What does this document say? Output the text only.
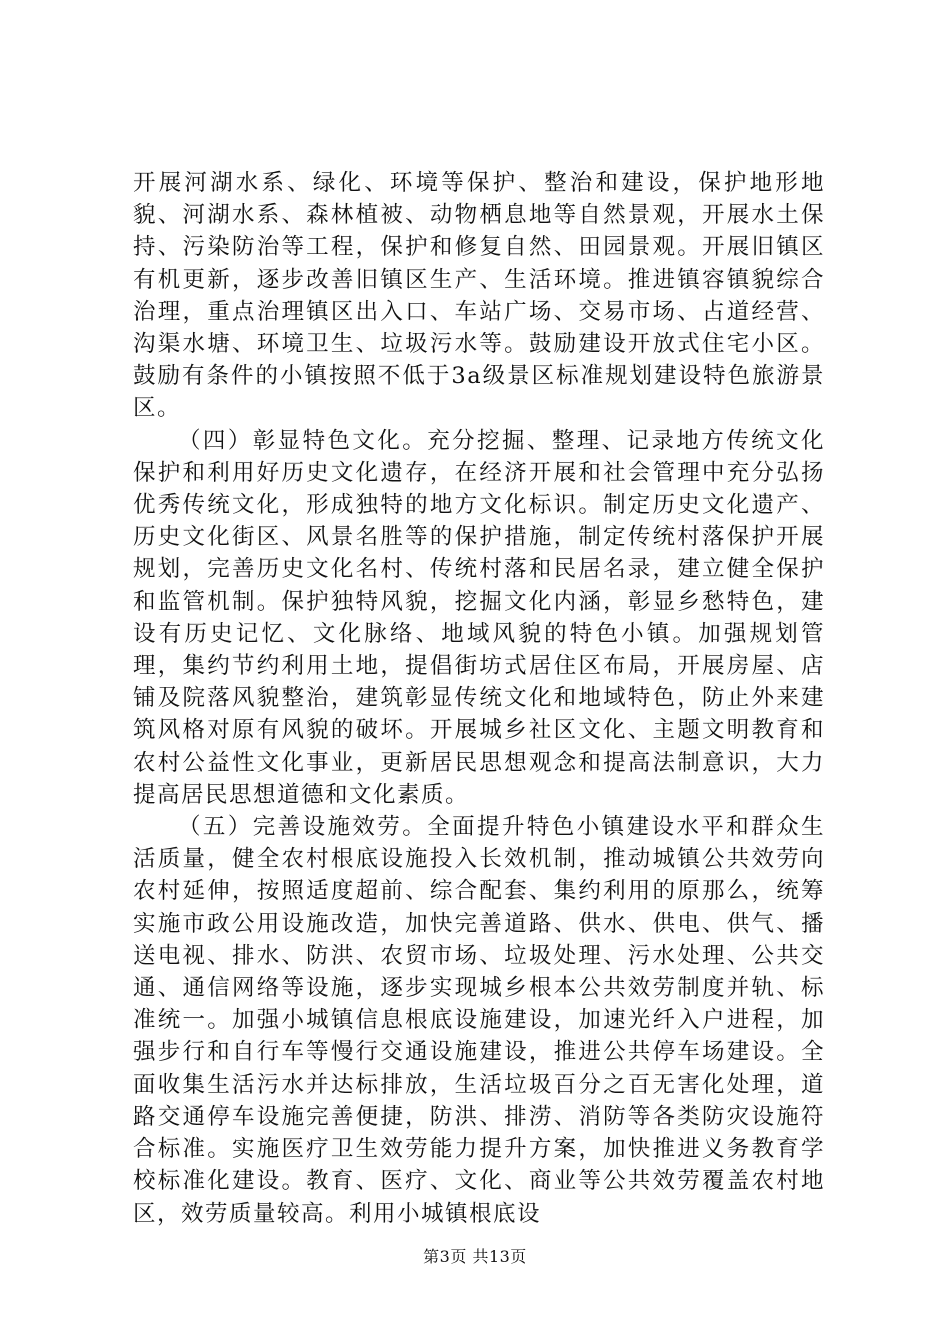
开展河湖水系、绿化、环境等保护、整治和建设，保护地形地貌、河湖水系、森林植被、动物栖息地等自然景观，开展水土保持、污染防治等工程，保护和修复自然、田园景观。开展旧镇区有机更新，逐步改善旧镇区生产、生活环境。推进镇容镇貌综合治理，重点治理镇区出入口、车站广场、交易市场、占道经营、沟渠水塘、环境卫生、垃圾污水等。鼓励建设开放式住宅小区。鼓励有条件的小镇按照不低于3a级景区标准规划建设特色旅游景区。

（四）彰显特色文化。充分挖掘、整理、记录地方传统文化保护和利用好历史文化遗存，在经济开展和社会管理中充分弘扬优秀传统文化，形成独特的地方文化标识。制定历史文化遗产、历史文化街区、风景名胜等的保护措施，制定传统村落保护开展规划，完善历史文化名村、传统村落和民居名录，建立健全保护和监管机制。保护独特风貌，挖掘文化内涵，彰显乡愁特色，建设有历史记忆、文化脉络、地域风貌的特色小镇。加强规划管理，集约节约利用土地，提倡街坊式居住区布局，开展房屋、店铺及院落风貌整治，建筑彰显传统文化和地域特色，防止外来建筑风格对原有风貌的破坏。开展城乡社区文化、主题文明教育和农村公益性文化事业，更新居民思想观念和提高法制意识，大力提高居民思想道德和文化素质。

（五）完善设施效劳。全面提升特色小镇建设水平和群众生活质量，健全农村根底设施投入长效机制，推动城镇公共效劳向农村延伸，按照适度超前、综合配套、集约利用的原那么，统筹实施市政公用设施改造，加快完善道路、供水、供电、供气、播送电视、排水、防洪、农贸市场、垃圾处理、污水处理、公共交通、通信网络等设施，逐步实现城乡根本公共效劳制度并轨、标准统一。加强小城镇信息根底设施建设，加速光纤入户进程，加强步行和自行车等慢行交通设施建设，推进公共停车场建设。全面收集生活污水并达标排放，生活垃圾百分之百无害化处理，道路交通停车设施完善便捷，防洪、排涝、消防等各类防灾设施符合标准。实施医疗卫生效劳能力提升方案，加快推进义务教育学校标准化建设。教育、医疗、文化、商业等公共效劳覆盖农村地区，效劳质量较高。利用小城镇根底设

第3页 共13页
